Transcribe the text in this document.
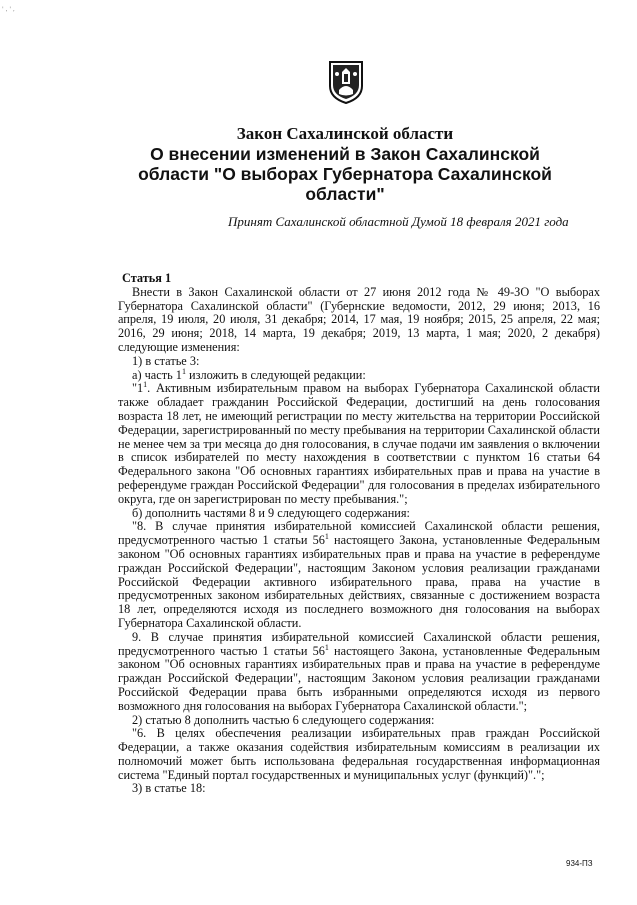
' , ' ,
Закон Сахалинской области
О внесении изменений в Закон Сахалинской
области "О выборах Губернатора Сахалинской
области"
Принят Сахалинской областной Думой 18 февраля 2021 года

Статья 1

Внести в Закон Сахалинской области от 27 июня 2012 года № 49-ЗО "О выборах Губернатора Сахалинской области" (Губернские ведомости, 2012, 29 июня; 2013, 16 апреля, 19 июля, 20 июля, 31 декабря; 2014, 17 мая, 19 ноября; 2015, 25 апреля, 22 мая; 2016, 29 июня; 2018, 14 марта, 19 декабря; 2019, 13 марта, 1 мая; 2020, 2 декабря) следующие изменения:

1) в статье 3:

а) часть $1^1$ изложить в следующей редакции:

"$1^1$. Активным избирательным правом на выборах Губернатора Сахалинской области также обладает гражданин Российской Федерации, достигший на день голосования возраста 18 лет, не имеющий регистрации по месту жительства на территории Российской Федерации, зарегистрированный по месту пребывания на территории Сахалинской области не менее чем за три месяца до дня голосования, в случае подачи им заявления о включении в список избирателей по месту нахождения в соответствии с пунктом 16 статьи 64 Федерального закона "Об основных гарантиях избирательных прав и права на участие в референдуме граждан Российской Федерации" для голосования в пределах избирательного округа, где он зарегистрирован по месту пребывания.";

б) дополнить частями 8 и 9 следующего содержания:

"8. В случае принятия избирательной комиссией Сахалинской области решения, предусмотренного частью 1 статьи $56^1$ настоящего Закона, установленные Федеральным законом "Об основных гарантиях избирательных прав и права на участие в референдуме граждан Российской Федерации", настоящим Законом условия реализации гражданами Российской Федерации активного избирательного права, права на участие в предусмотренных законом избирательных действиях, связанные с достижением возраста 18 лет, определяются исходя из последнего возможного дня голосования на выборах Губернатора Сахалинской области.

9. В случае принятия избирательной комиссией Сахалинской области решения, предусмотренного частью 1 статьи $56^1$ настоящего Закона, установленные Федеральным законом "Об основных гарантиях избирательных прав и права на участие в референдуме граждан Российской Федерации", настоящим Законом условия реализации гражданами Российской Федерации права быть избранными определяются исходя из первого возможного дня голосования на выборах Губернатора Сахалинской области.";

2) статью 8 дополнить частью 6 следующего содержания:

"6. В целях обеспечения реализации избирательных прав граждан Российской Федерации, а также оказания содействия избирательным комиссиям в реализации их полномочий может быть использована федеральная государственная информационная система "Единый портал государственных и муниципальных услуг (функций)".";

3) в статье 18:

934-ПЗ
